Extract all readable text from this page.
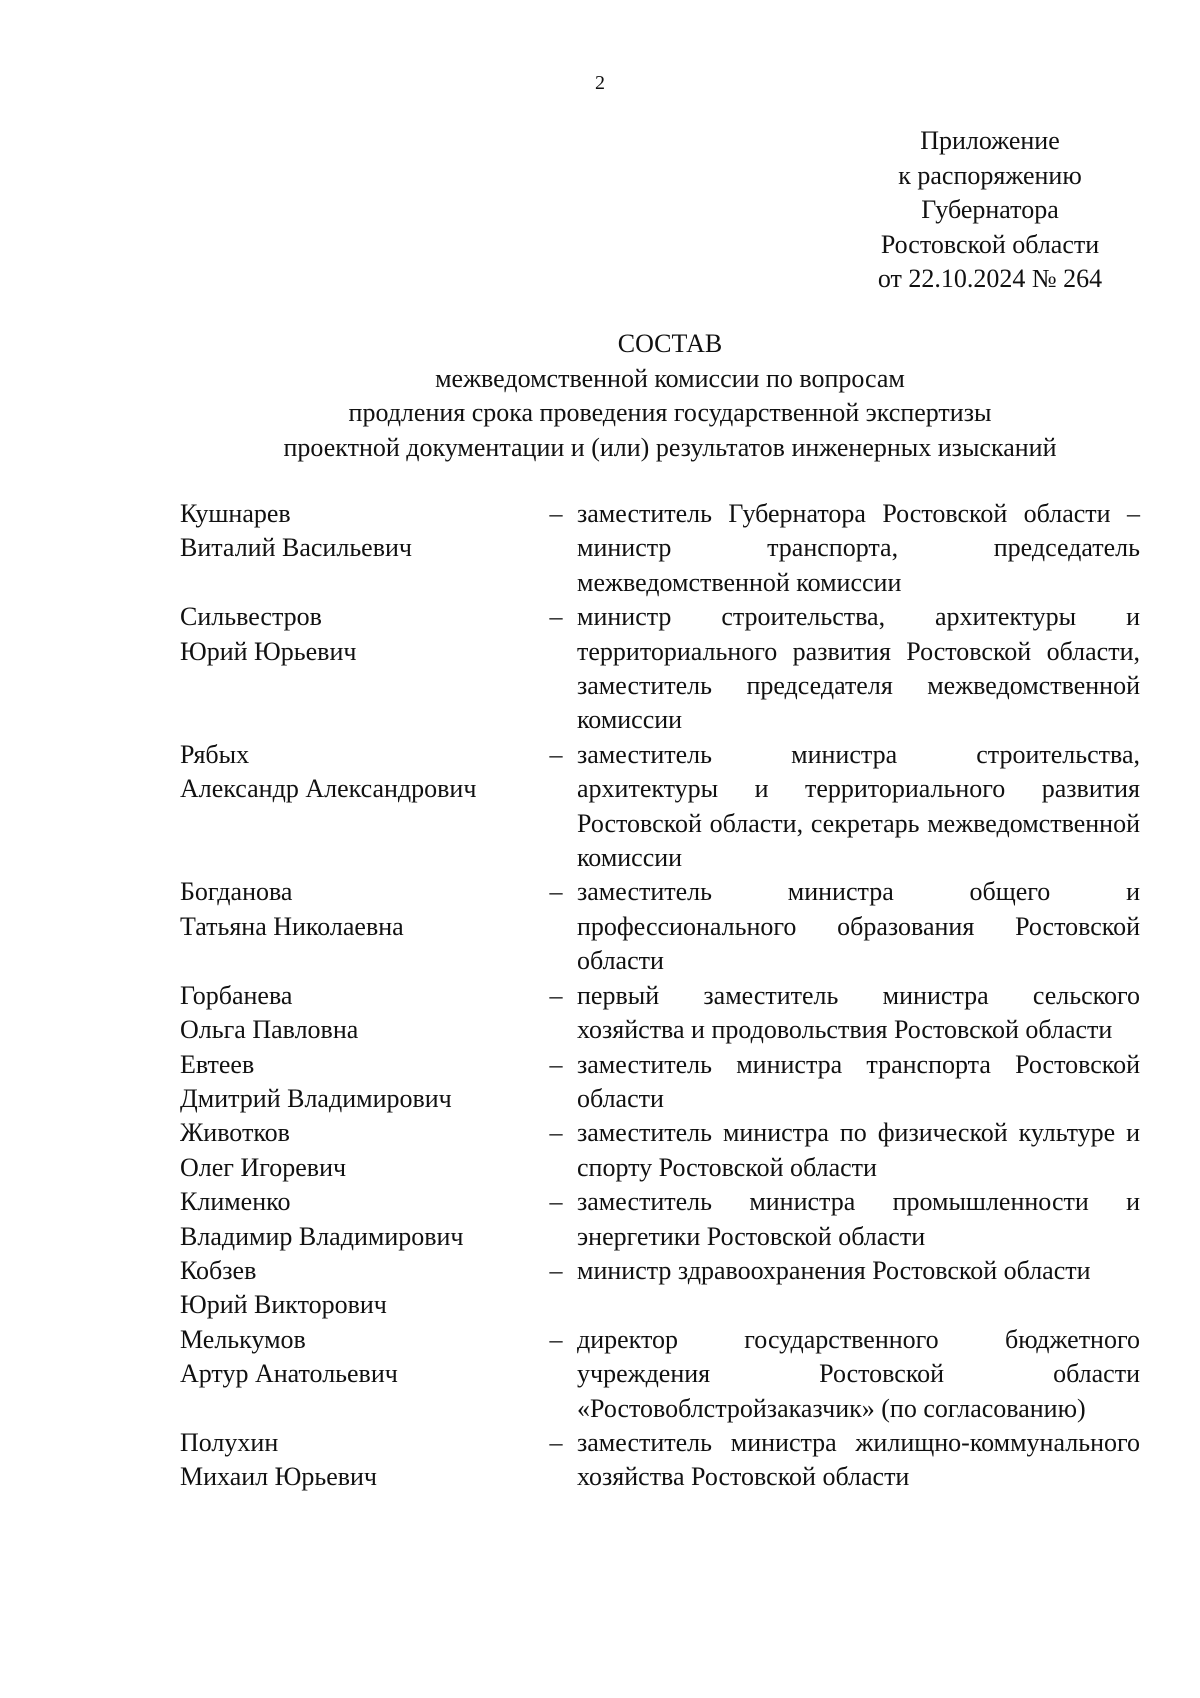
2
Приложение
к распоряжению
Губернатора
Ростовской области
от 22.10.2024 № 264
СОСТАВ
межведомственной комиссии по вопросам
продления срока проведения государственной экспертизы
проектной документации и (или) результатов инженерных изысканий
Кушнарев
Виталий Васильевич
– заместитель Губернатора Ростовской области – министр транспорта, председатель межведомственной комиссии
Сильвестров
Юрий Юрьевич
– министр строительства, архитектуры и территориального развития Ростовской области, заместитель председателя межведомственной комиссии
Рябых
Александр Александрович
– заместитель министра строительства, архитектуры и территориального развития Ростовской области, секретарь межведомственной комиссии
Богданова
Татьяна Николаевна
– заместитель министра общего и профессионального образования Ростовской области
Горбанева
Ольга Павловна
– первый заместитель министра сельского хозяйства и продовольствия Ростовской области
Евтеев
Дмитрий Владимирович
– заместитель министра транспорта Ростовской области
Животков
Олег Игоревич
– заместитель министра по физической культуре и спорту Ростовской области
Клименко
Владимир Владимирович
– заместитель министра промышленности и энергетики Ростовской области
Кобзев
Юрий Викторович
– министр здравоохранения Ростовской области
Мелькумов
Артур Анатольевич
– директор государственного бюджетного учреждения Ростовской области «Ростовоблстройзаказчик» (по согласованию)
Полухин
Михаил Юрьевич
– заместитель министра жилищно-коммунального хозяйства Ростовской области
